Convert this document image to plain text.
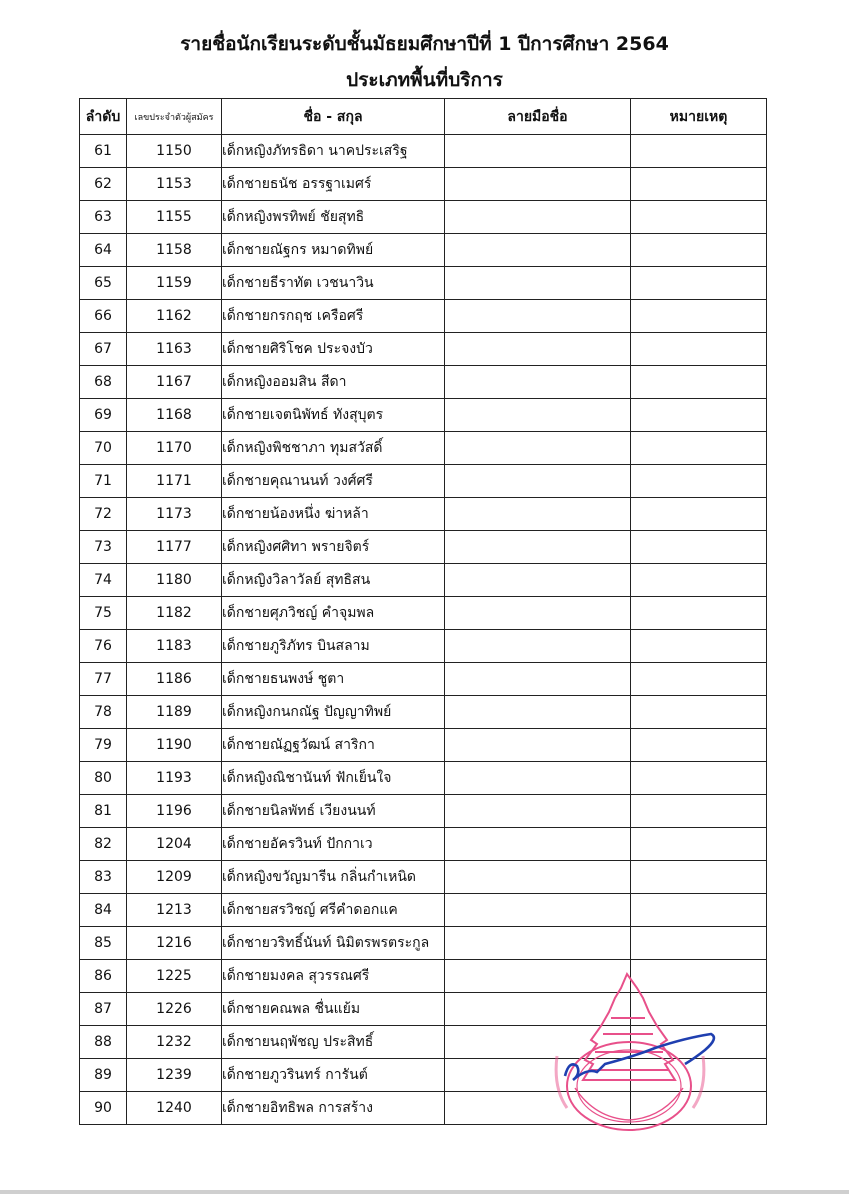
รายชื่อนักเรียนระดับชั้นมัธยมศึกษาปีที่ 1 ปีการศึกษา 2564
ประเภทพื้นที่บริการ
ลำดับ	เลขประจำตัวผู้สมัคร	ชื่อ - สกุล	ลายมือชื่อ	หมายเหตุ
61	1150	เด็กหญิงภัทรธิดา นาคประเสริฐ		
62	1153	เด็กชายธนัช อรรฐาเมศร์		
63	1155	เด็กหญิงพรทิพย์ ชัยสุทธิ		
64	1158	เด็กชายณัฐกร หมาดทิพย์		
65	1159	เด็กชายธีราทัต เวชนาวิน		
66	1162	เด็กชายกรกฤช เครือศรี		
67	1163	เด็กชายศิริโชค ประจงบัว		
68	1167	เด็กหญิงออมสิน สีดา		
69	1168	เด็กชายเจตนิพัทธ์ ทังสุบุตร		
70	1170	เด็กหญิงพิชชาภา ทุมสวัสดิ์		
71	1171	เด็กชายคุณานนท์ วงศ์ศรี		
72	1173	เด็กชายน้องหนึ่ง ฆ่าหล้า		
73	1177	เด็กหญิงศศิทา พรายจิตร์		
74	1180	เด็กหญิงวิลาวัลย์ สุทธิสน		
75	1182	เด็กชายศุภวิชญ์ คำจุมพล		
76	1183	เด็กชายภูริภัทร บินสลาม		
77	1186	เด็กชายธนพงษ์ ชูตา		
78	1189	เด็กหญิงกนกณัฐ ปัญญาทิพย์		
79	1190	เด็กชายณัฏฐวัฒน์ สาริกา		
80	1193	เด็กหญิงณิชานันท์ ฟักเย็นใจ		
81	1196	เด็กชายนิลพัทธ์ เวียงนนท์		
82	1204	เด็กชายอัครวินท์ ปักกาเว		
83	1209	เด็กหญิงขวัญมารีน กลิ่นกำเหนิด		
84	1213	เด็กชายสรวิชญ์ ศรีคำดอกแค		
85	1216	เด็กชายวริทธิ์นันท์ นิมิตรพรตระกูล		
86	1225	เด็กชายมงคล สุวรรณศรี		
87	1226	เด็กชายคณพล ชื่นแย้ม		
88	1232	เด็กชายนฤพัชญ ประสิทธิ์		
89	1239	เด็กชายภูวรินทร์ การันต์		
90	1240	เด็กชายอิทธิพล การสร้าง		
